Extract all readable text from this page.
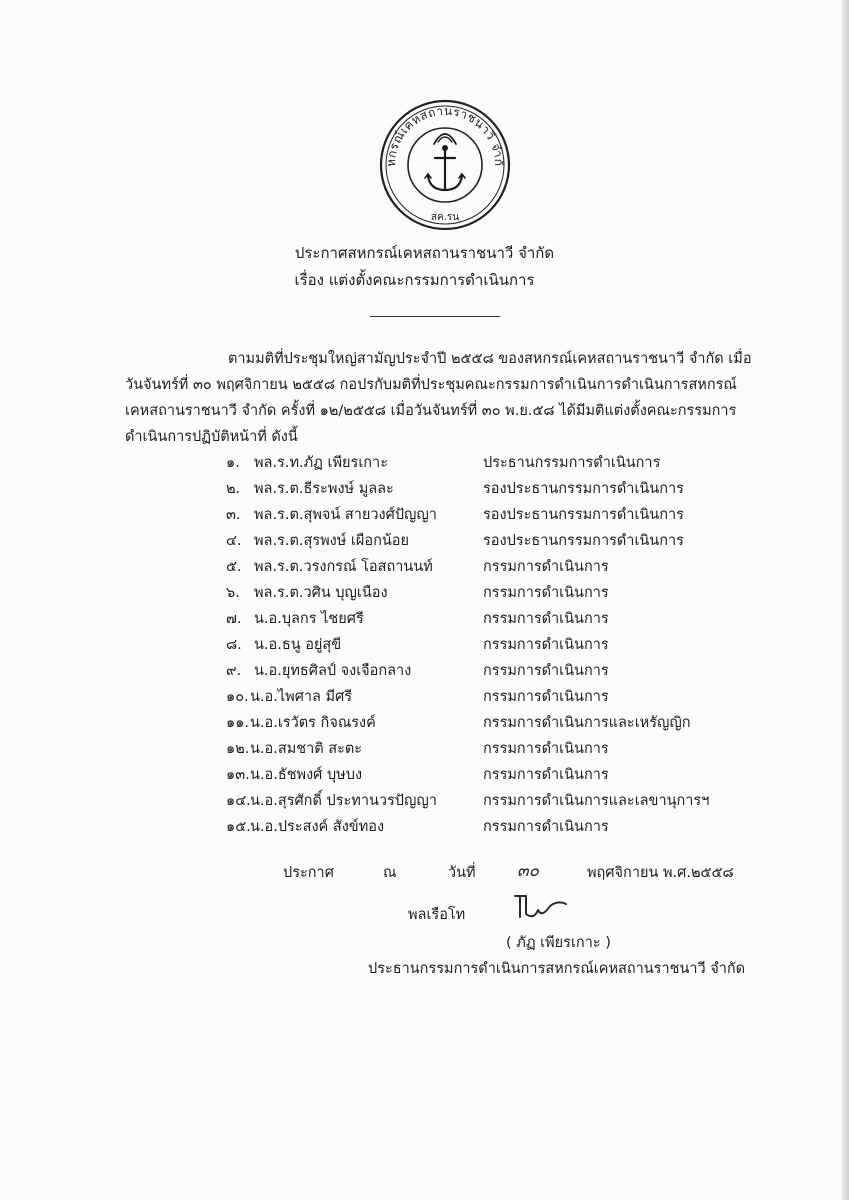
หกรณ์เคหสถานราชนาวี จำกั
สค.รน
ประกาศสหกรณ์เคหสถานราชนาวี จำกัด
เรื่อง แต่งตั้งคณะกรรมการดำเนินการ
ตามมติที่ประชุมใหญ่สามัญประจำปี ๒๕๕๘ ของสหกรณ์เคหสถานราชนาวี จำกัด เมื่อ
วันจันทร์ที่ ๓๐ พฤศจิกายน ๒๕๕๘ กอปรกับมติที่ประชุมคณะกรรมการดำเนินการดำเนินการสหกรณ์
เคหสถานราชนาวี จำกัด ครั้งที่ ๑๒/๒๕๕๘ เมื่อวันจันทร์ที่ ๓๐ พ.ย.๕๘ ได้มีมติแต่งตั้งคณะกรรมการ
ดำเนินการปฏิบัติหน้าที่ ดังนี้
๑. พล.ร.ท.ภัฏ เพียรเกาะ	ประธานกรรมการดำเนินการ
๒. พล.ร.ต.ธีระพงษ์ มูลละ	รองประธานกรรมการดำเนินการ
๓. พล.ร.ต.สุพจน์ สายวงศ์ปัญญา	รองประธานกรรมการดำเนินการ
๔. พล.ร.ต.สุรพงษ์ เผือกน้อย	รองประธานกรรมการดำเนินการ
๕. พล.ร.ต.วรงกรณ์ โอสถานนท์	กรรมการดำเนินการ
๖. พล.ร.ต.วศิน บุญเนือง	กรรมการดำเนินการ
๗. น.อ.บุลกร ไชยศรี	กรรมการดำเนินการ
๘. น.อ.ธนู อยู่สุขี	กรรมการดำเนินการ
๙. น.อ.ยุทธศิลป์ จงเจือกลาง	กรรมการดำเนินการ
๑๐. น.อ.ไพศาล มีศรี	กรรมการดำเนินการ
๑๑. น.อ.เรวัตร กิจณรงค์	กรรมการดำเนินการและเหรัญญิก
๑๒. น.อ.สมชาติ สะตะ	กรรมการดำเนินการ
๑๓. น.อ.ธัชพงศ์ บุษบง	กรรมการดำเนินการ
๑๔. น.อ.สุรศักดิ์ ประทานวรปัญญา	กรรมการดำเนินการและเลขานุการฯ
๑๕. น.อ.ประสงค์ สังข์ทอง	กรรมการดำเนินการ
ประกาศ	ณ	วันที่ ๓๐	พฤศจิกายน พ.ศ.๒๕๕๘
พลเรือโท
( ภัฏ เพียรเกาะ )
ประธานกรรมการดำเนินการสหกรณ์เคหสถานราชนาวี จำกัด
